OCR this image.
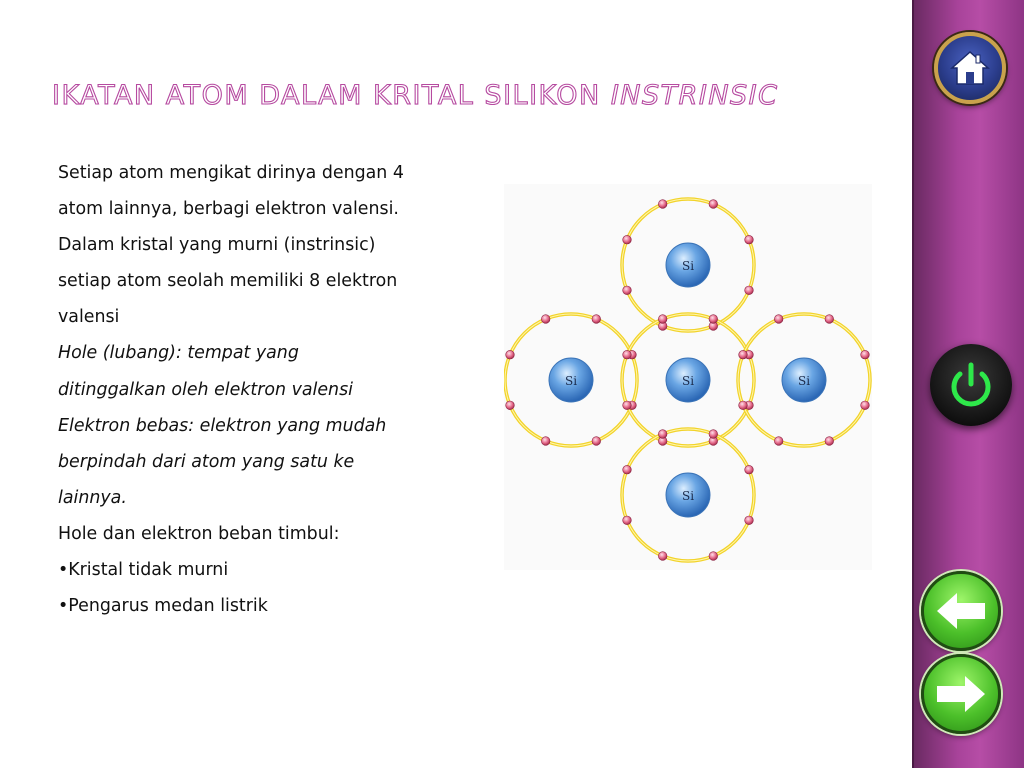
IKATAN ATOM DALAM KRITAL SILIKON INSTRINSIC
Setiap atom mengikat dirinya dengan 4
atom lainnya, berbagi elektron valensi.
Dalam kristal yang murni (instrinsic)
setiap atom seolah memiliki 8 elektron
valensi
Hole (lubang): tempat yang
ditinggalkan oleh elektron valensi
Elektron bebas: elektron yang mudah
berpindah dari atom yang satu ke
lainnya.
Hole dan elektron beban timbul:
•Kristal tidak murni
•Pengarus medan listrik
Si
Si	Si	Si
Si
